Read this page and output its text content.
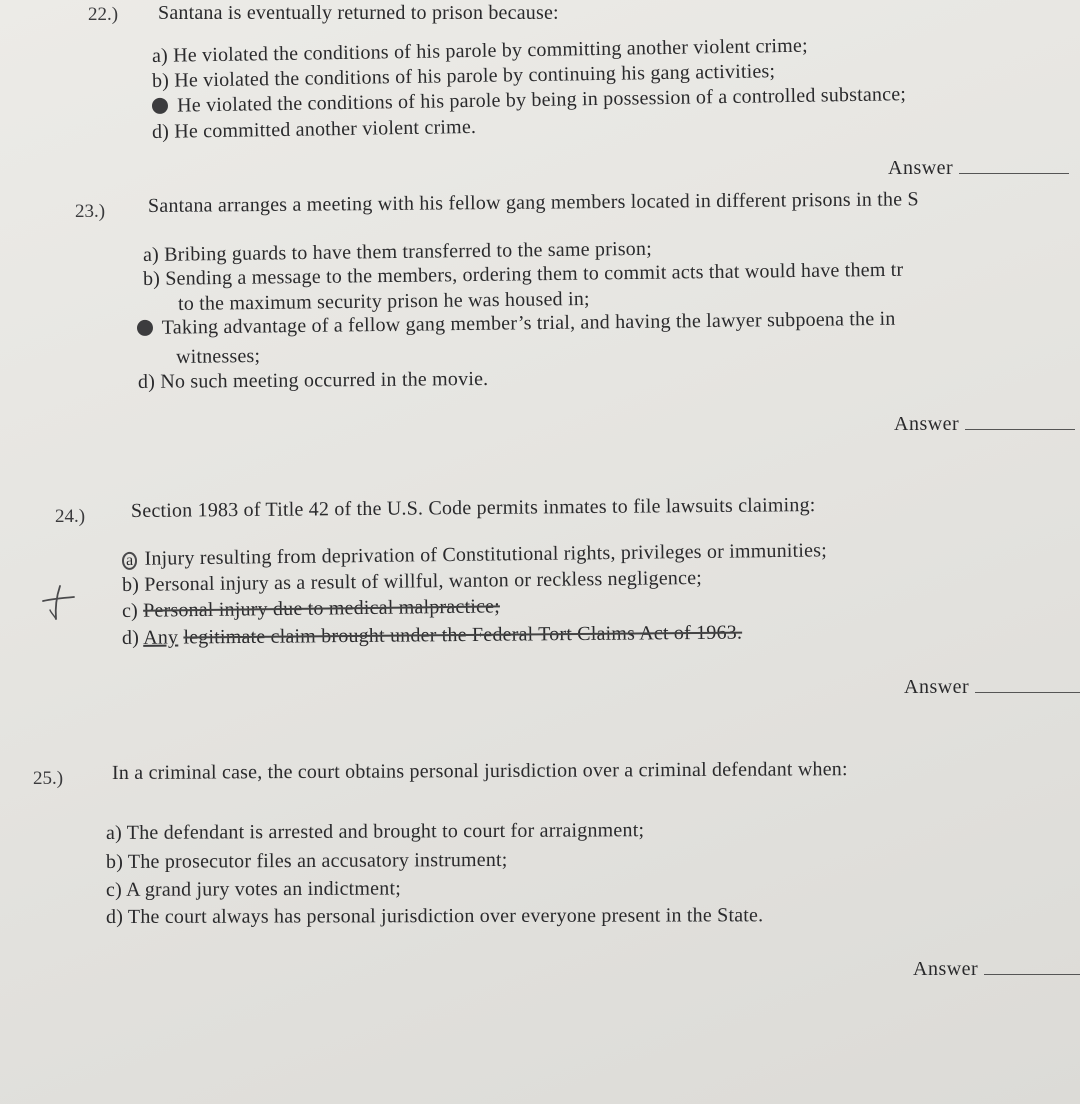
22.) Santana is eventually returned to prison because:
a) He violated the conditions of his parole by committing another violent crime;
b) He violated the conditions of his parole by continuing his gang activities;
He violated the conditions of his parole by being in possession of a controlled substance;
d) He committed another violent crime.
Answer
23.) Santana arranges a meeting with his fellow gang members located in different prisons in the S
a) Bribing guards to have them transferred to the same prison;
b) Sending a message to the members, ordering them to commit acts that would have them tr
to the maximum security prison he was housed in;
Taking advantage of a fellow gang member’s trial, and having the lawyer subpoena the in
witnesses;
d) No such meeting occurred in the movie.
Answer
24.) Section 1983 of Title 42 of the U.S. Code permits inmates to file lawsuits claiming:
a Injury resulting from deprivation of Constitutional rights, privileges or immunities;
b) Personal injury as a result of willful, wanton or reckless negligence;
c) Personal injury due to medical malpractice;
d) Any legitimate claim brought under the Federal Tort Claims Act of 1963.
Answer
25.) In a criminal case, the court obtains personal jurisdiction over a criminal defendant when:
a) The defendant is arrested and brought to court for arraignment;
b) The prosecutor files an accusatory instrument;
c) A grand jury votes an indictment;
d) The court always has personal jurisdiction over everyone present in the State.
Answer
